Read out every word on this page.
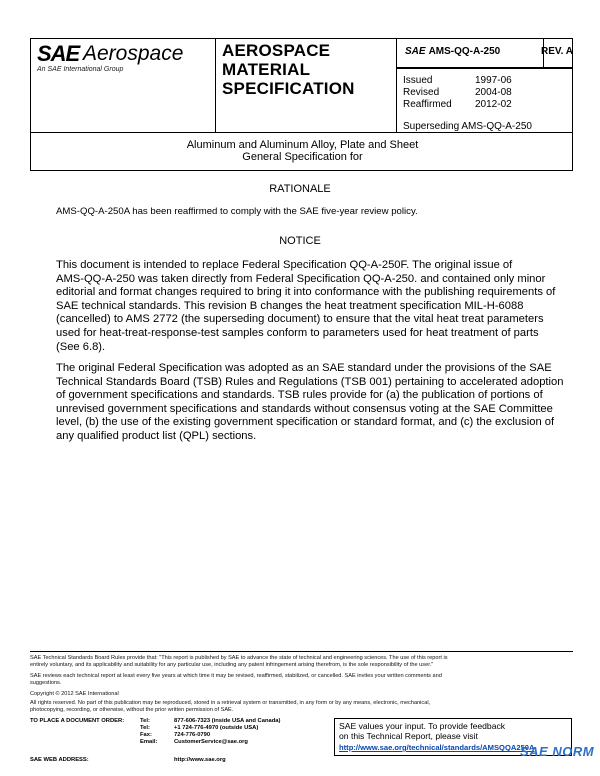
SAE Aerospace
An SAE International Group
AEROSPACE
MATERIAL
SPECIFICATION
SAE AMS-QQ-A-250	REV. A
Issued	1997-06
Revised	2004-08
Reaffirmed 2012-02
Superseding AMS-QQ-A-250
Aluminum and Aluminum Alloy, Plate and Sheet
General Specification for
RATIONALE
AMS-QQ-A-250A has been reaffirmed to comply with the SAE five-year review policy.
NOTICE
This document is intended to replace Federal Specification QQ-A-250F. The original issue of
AMS-QQ-A-250 was taken directly from Federal Specification QQ-A-250. and contained only minor
editorial and format changes required to bring it into conformance with the publishing requirements of
SAE technical standards. This revision B changes the heat treatment specification MIL-H-6088
(cancelled) to AMS 2772 (the superseding document) to ensure that the vital heat treat parameters
used for heat-treat-response-test samples conform to parameters used for heat treatment of parts
(See 6.8).
The original Federal Specification was adopted as an SAE standard under the provisions of the SAE
Technical Standards Board (TSB) Rules and Regulations (TSB 001) pertaining to accelerated adoption
of government specifications and standards. TSB rules provide for (a) the publication of portions of
unrevised government specifications and standards without consensus voting at the SAE Committee
level, (b) the use of the existing government specification or standard format, and (c) the exclusion of
any qualified product list (QPL) sections.
SAE Technical Standards Board Rules provide that: "This report is published by SAE to advance the state of technical and engineering sciences. The use of this report is
entirely voluntary, and its applicability and suitability for any particular use, including any patent infringement arising therefrom, is the sole responsibility of the user."
SAE reviews each technical report at least every five years at which time it may be revised, reaffirmed, stabilized, or cancelled. SAE invites your written comments and
suggestions.
Copyright © 2012 SAE International
All rights reserved. No part of this publication may be reproduced, stored in a retrieval system or transmitted, in any form or by any means, electronic, mechanical,
photocopying, recording, or otherwise, without the prior written permission of SAE.
TO PLACE A DOCUMENT ORDER:	Tel:	877-606-7323 (inside USA and Canada)
Tel:	+1 724-776-4970 (outside USA)
Fax:	724-776-0790
Email:	CustomerService@sae.org
SAE WEB ADDRESS:	http://www.sae.org
SAE values your input. To provide feedback
on this Technical Report, please visit
http://www.sae.org/technical/standards/AMSQQA250A
SAE NORM
